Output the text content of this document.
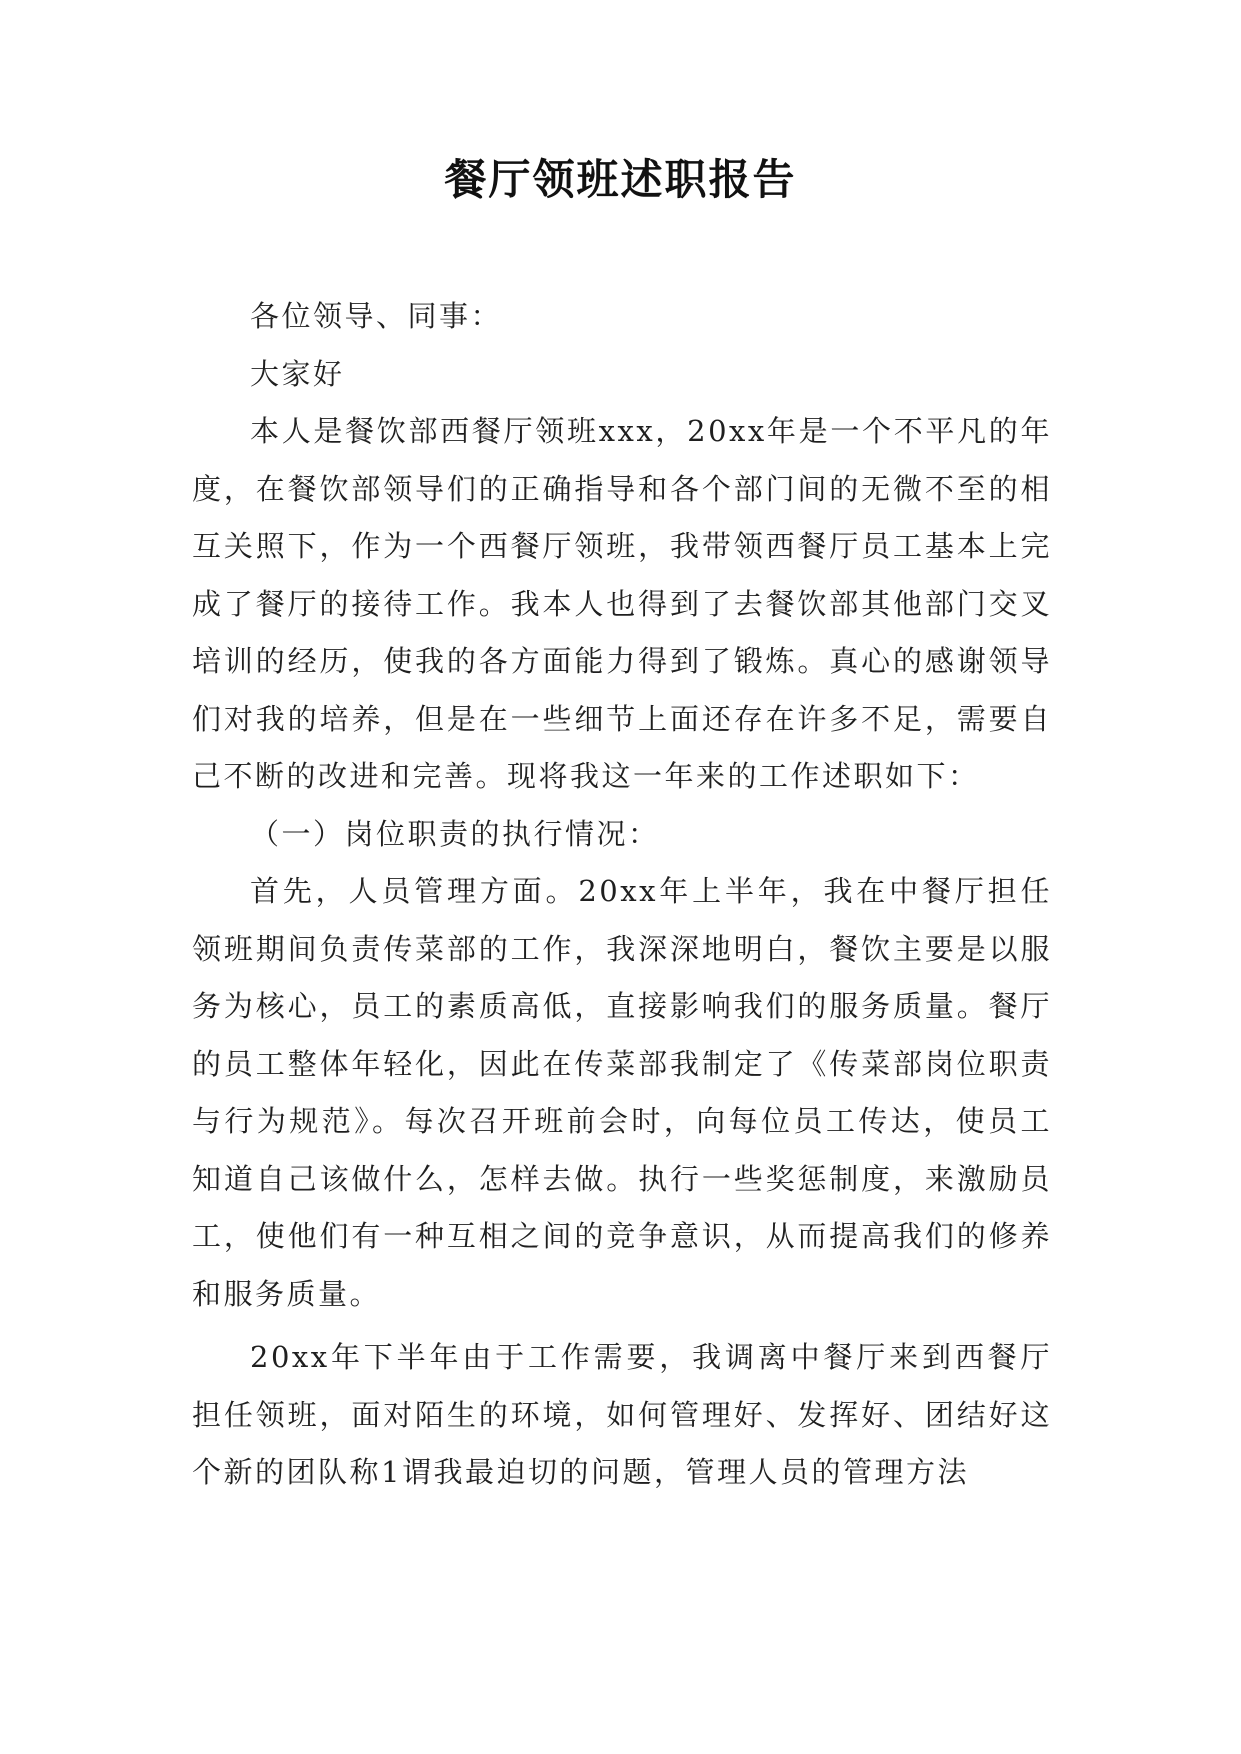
餐厅领班述职报告

各位领导、同事：

大家好

本人是餐饮部西餐厅领班xxx，20xx年是一个不平凡的年度，在餐饮部领导们的正确指导和各个部门间的无微不至的相互关照下，作为一个西餐厅领班，我带领西餐厅员工基本上完成了餐厅的接待工作。我本人也得到了去餐饮部其他部门交叉培训的经历，使我的各方面能力得到了锻炼。真心的感谢领导们对我的培养，但是在一些细节上面还存在许多不足，需要自己不断的改进和完善。现将我这一年来的工作述职如下：

（一）岗位职责的执行情况：

首先，人员管理方面。20xx年上半年，我在中餐厅担任领班期间负责传菜部的工作，我深深地明白，餐饮主要是以服务为核心，员工的素质高低，直接影响我们的服务质量。餐厅的员工整体年轻化，因此在传菜部我制定了《传菜部岗位职责与行为规范》。每次召开班前会时，向每位员工传达，使员工知道自己该做什么，怎样去做。执行一些奖惩制度，来激励员工，使他们有一种互相之间的竞争意识，从而提高我们的修养和服务质量。

20xx年下半年由于工作需要，我调离中餐厅来到西餐厅担任领班，面对陌生的环境，如何管理好、发挥好、团结好这个新的团队称1谓我最迫切的问题，管理人员的管理方法
